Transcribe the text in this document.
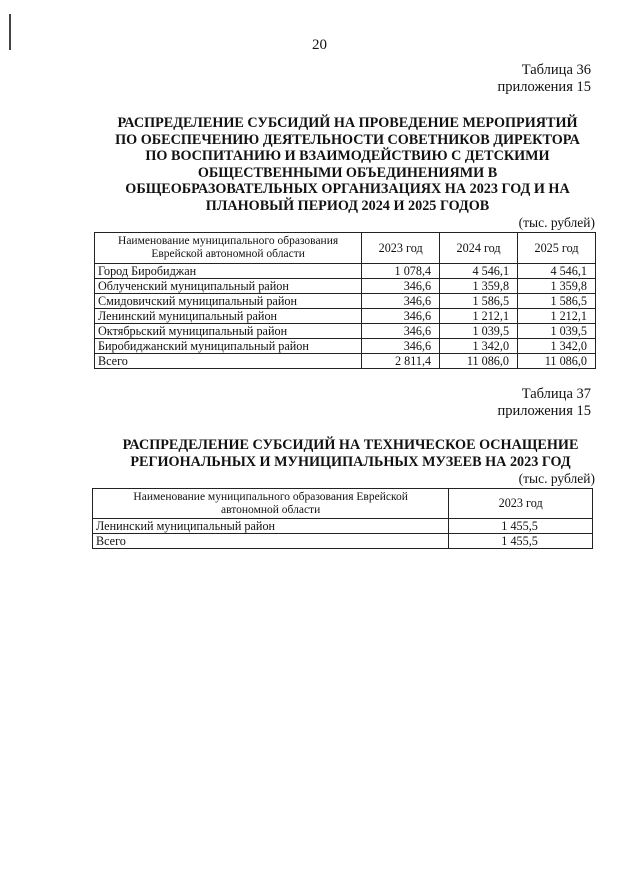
20
Таблица 36
приложения 15
РАСПРЕДЕЛЕНИЕ СУБСИДИЙ НА ПРОВЕДЕНИЕ МЕРОПРИЯТИЙ
ПО ОБЕСПЕЧЕНИЮ ДЕЯТЕЛЬНОСТИ СОВЕТНИКОВ ДИРЕКТОРА
ПО ВОСПИТАНИЮ И ВЗАИМОДЕЙСТВИЮ С ДЕТСКИМИ
ОБЩЕСТВЕННЫМИ ОБЪЕДИНЕНИЯМИ В
ОБЩЕОБРАЗОВАТЕЛЬНЫХ ОРГАНИЗАЦИЯХ НА 2023 ГОД И НА
ПЛАНОВЫЙ ПЕРИОД 2024 И 2025 ГОДОВ
(тыс. рублей)
Наименование муниципального образования Еврейской автономной области	2023 год	2024 год	2025 год
Город Биробиджан	1 078,4	4 546,1	4 546,1
Облученский муниципальный район	346,6	1 359,8	1 359,8
Смидовичский муниципальный район	346,6	1 586,5	1 586,5
Ленинский муниципальный район	346,6	1 212,1	1 212,1
Октябрьский муниципальный район	346,6	1 039,5	1 039,5
Биробиджанский муниципальный район	346,6	1 342,0	1 342,0
Всего	2 811,4	11 086,0	11 086,0
Таблица 37
приложения 15
РАСПРЕДЕЛЕНИЕ СУБСИДИЙ НА ТЕХНИЧЕСКОЕ ОСНАЩЕНИЕ
РЕГИОНАЛЬНЫХ И МУНИЦИПАЛЬНЫХ МУЗЕЕВ НА 2023 ГОД
(тыс. рублей)
Наименование муниципального образования Еврейской автономной области	2023 год
Ленинский муниципальный район	1 455,5
Всего	1 455,5
